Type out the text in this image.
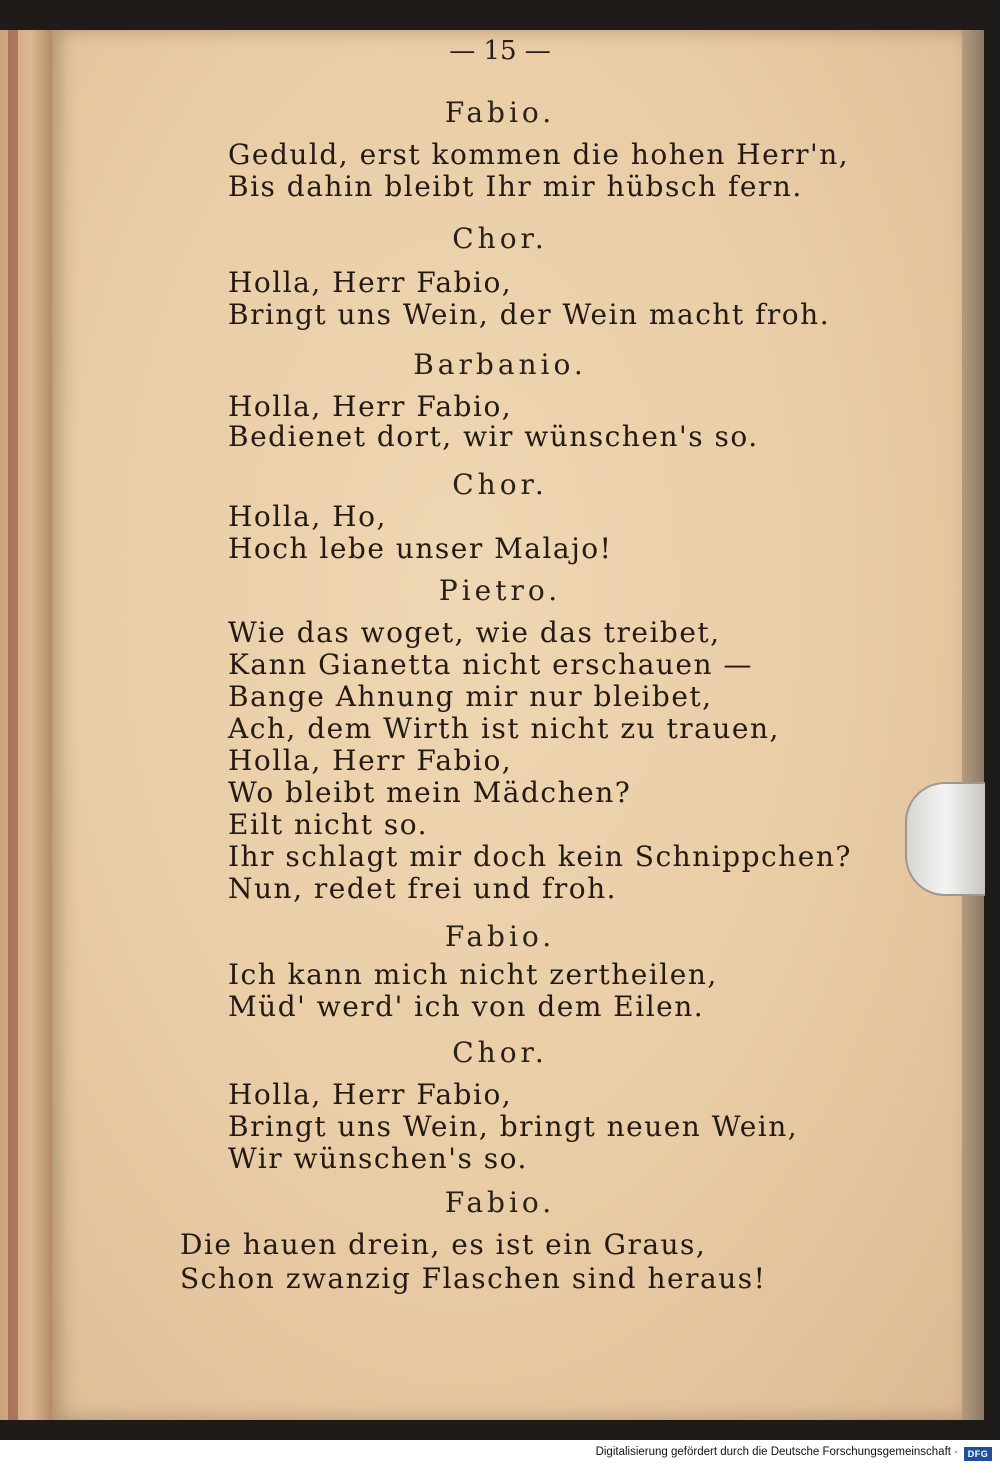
— 15 —
Fabio.
Geduld, erst kommen die hohen Herr'n,
Bis dahin bleibt Ihr mir hübsch fern.
Chor.
Holla, Herr Fabio,
Bringt uns Wein, der Wein macht froh.
Barbanio.
Holla, Herr Fabio,
Bedienet dort, wir wünschen's so.
Chor.
Holla, Ho,
Hoch lebe unser Malajo!
Pietro.
Wie das woget, wie das treibet,
Kann Gianetta nicht erschauen —
Bange Ahnung mir nur bleibet,
Ach, dem Wirth ist nicht zu trauen,
Holla, Herr Fabio,
Wo bleibt mein Mädchen?
Eilt nicht so.
Ihr schlagt mir doch kein Schnippchen?
Nun, redet frei und froh.
Fabio.
Ich kann mich nicht zertheilen,
Müd' werd' ich von dem Eilen.
Chor.
Holla, Herr Fabio,
Bringt uns Wein, bringt neuen Wein,
Wir wünschen's so.
Fabio.
Die hauen drein, es ist ein Graus,
Schon zwanzig Flaschen sind heraus!
Digitalisierung gefördert durch die Deutsche Forschungsgemeinschaft ·	DFG
